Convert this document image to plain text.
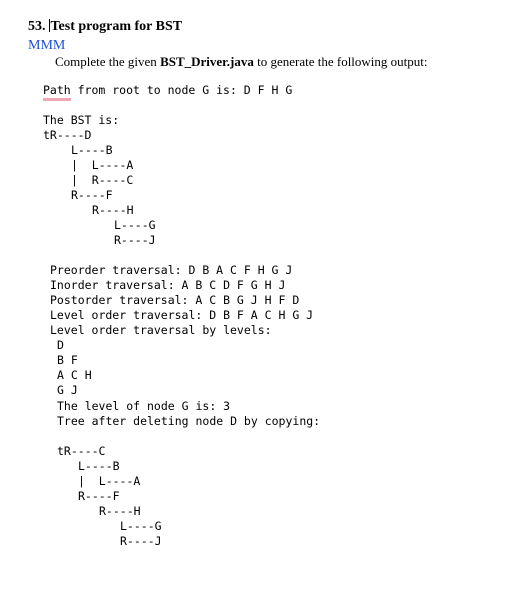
53. Test program for BST
MMM
Complete the given BST_Driver.java to generate the following output:
Path from root to node G is: D F H G
The BST is:
tR----D
L----B
|  L----A
|  R----C
R----F
R----H
L----G
R----J
Preorder traversal: D B A C F H G J
Inorder traversal: A B C D F G H J
Postorder traversal: A C B G J H F D
Level order traversal: D B F A C H G J
Level order traversal by levels:
D
B F
A C H
G J
The level of node G is: 3
Tree after deleting node D by copying:
tR----C
L----B
|  L----A
R----F
R----H
L----G
R----J
